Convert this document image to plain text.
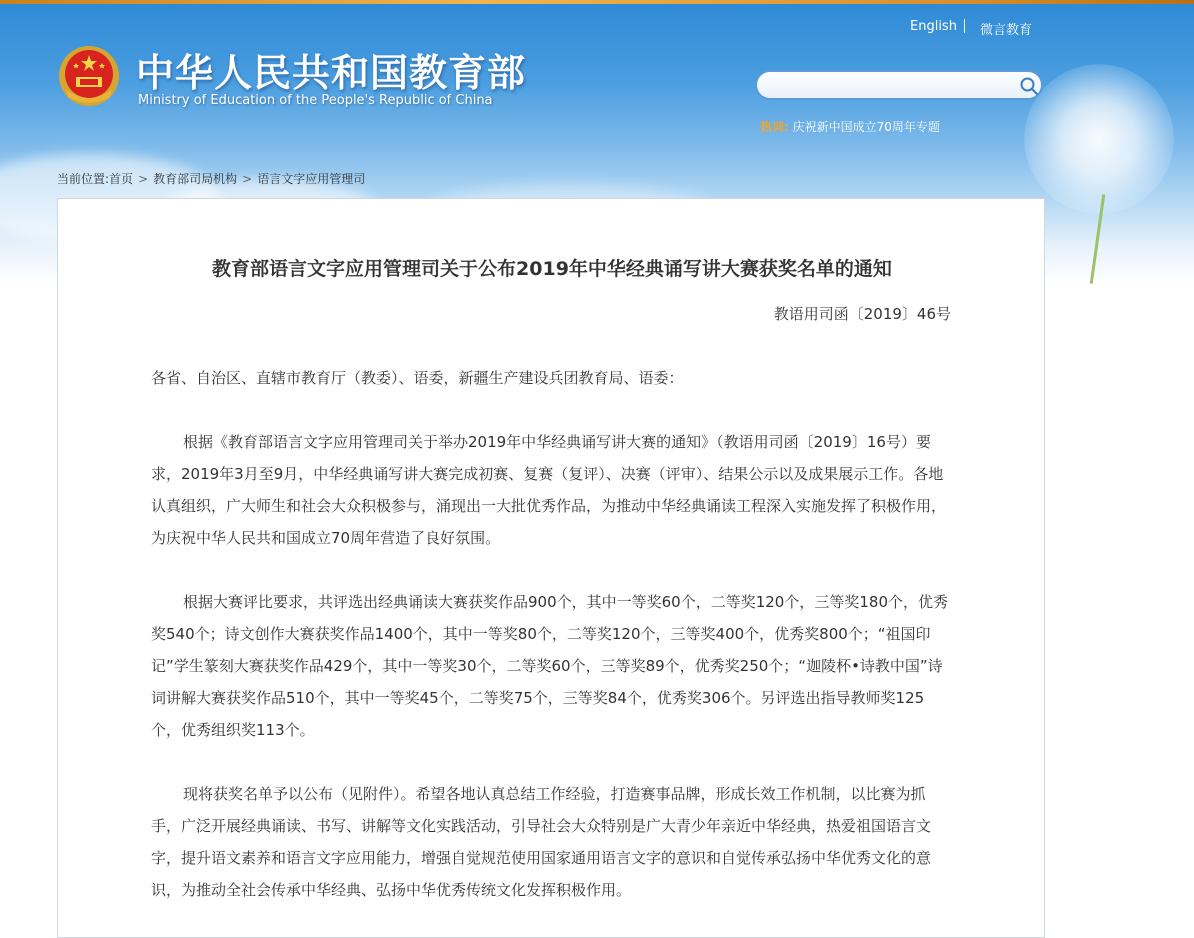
中华人民共和国教育部
Ministry of Education of the People's Republic of China
English 微言教育
热词: 庆祝新中国成立70周年专题
当前位置:首页 > 教育部司局机构 > 语言文字应用管理司
教育部语言文字应用管理司关于公布2019年中华经典诵写讲大赛获奖名单的通知
教语用司函〔2019〕46号

各省、自治区、直辖市教育厅（教委）、语委，新疆生产建设兵团教育局、语委：

根据《教育部语言文字应用管理司关于举办2019年中华经典诵写讲大赛的通知》（教语用司函〔2019〕16号）要求，2019年3月至9月，中华经典诵写讲大赛完成初赛、复赛（复评）、决赛（评审）、结果公示以及成果展示工作。各地认真组织，广大师生和社会大众积极参与，涌现出一大批优秀作品，为推动中华经典诵读工程深入实施发挥了积极作用，为庆祝中华人民共和国成立70周年营造了良好氛围。

根据大赛评比要求，共评选出经典诵读大赛获奖作品900个，其中一等奖60个，二等奖120个，三等奖180个，优秀奖540个；诗文创作大赛获奖作品1400个，其中一等奖80个，二等奖120个，三等奖400个，优秀奖800个；“祖国印记”学生篆刻大赛获奖作品429个，其中一等奖30个，二等奖60个，三等奖89个，优秀奖250个；“迦陵杯•诗教中国”诗词讲解大赛获奖作品510个，其中一等奖45个，二等奖75个，三等奖84个，优秀奖306个。另评选出指导教师奖125个，优秀组织奖113个。

现将获奖名单予以公布（见附件）。希望各地认真总结工作经验，打造赛事品牌，形成长效工作机制，以比赛为抓手，广泛开展经典诵读、书写、讲解等文化实践活动，引导社会大众特别是广大青少年亲近中华经典，热爱祖国语言文字，提升语文素养和语言文字应用能力，增强自觉规范使用国家通用语言文字的意识和自觉传承弘扬中华优秀文化的意识，为推动全社会传承中华经典、弘扬中华优秀传统文化发挥积极作用。
